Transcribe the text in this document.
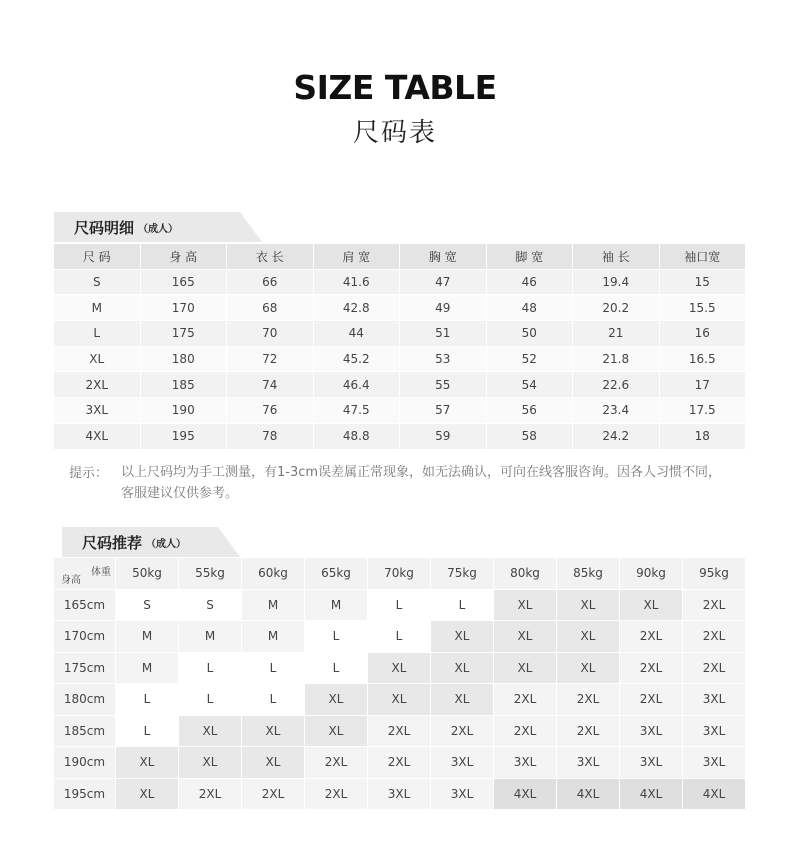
SIZE TABLE
尺码表
尺码明细 （成人）
尺 码	身 高	衣 长	肩 宽	胸 宽	脚 宽	袖 长	袖口宽
S	165	66	41.6	47	46	19.4	15
M	170	68	42.8	49	48	20.2	15.5
L	175	70	44	51	50	21	16
XL	180	72	45.2	53	52	21.8	16.5
2XL	185	74	46.4	55	54	22.6	17
3XL	190	76	47.5	57	56	23.4	17.5
4XL	195	78	48.8	59	58	24.2	18
提示： 以上尺码均为手工测量，有1-3cm误差属正常现象，如无法确认，可向在线客服咨询。因各人习惯不同，客服建议仅供参考。
尺码推荐 （成人）
体重
身高	50kg	55kg	60kg	65kg	70kg	75kg	80kg	85kg	90kg	95kg
165cm	S	S	M	M	L	L	XL	XL	XL	2XL
170cm	M	M	M	L	L	XL	XL	XL	2XL	2XL
175cm	M	L	L	L	XL	XL	XL	XL	2XL	2XL
180cm	L	L	L	XL	XL	XL	2XL	2XL	2XL	3XL
185cm	L	XL	XL	XL	2XL	2XL	2XL	2XL	3XL	3XL
190cm	XL	XL	XL	2XL	2XL	3XL	3XL	3XL	3XL	3XL
195cm	XL	2XL	2XL	2XL	3XL	3XL	4XL	4XL	4XL	4XL
